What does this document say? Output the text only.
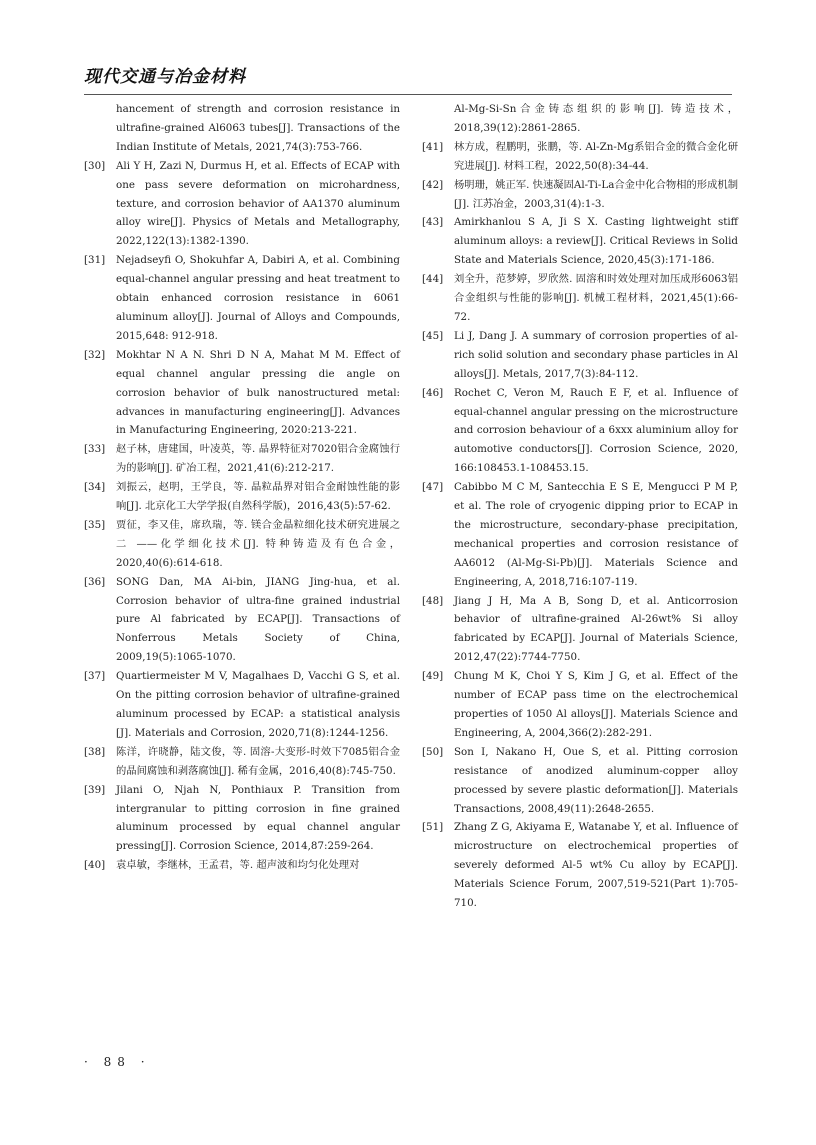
现代交通与冶金材料
hancement of strength and corrosion resistance in ultrafine-grained Al6063 tubes[J]. Transactions of the Indian Institute of Metals, 2021,74(3):753-766.
[30] Ali Y H, Zazi N, Durmus H, et al. Effects of ECAP with one pass severe deformation on microhardness, texture, and corrosion behavior of AA1370 aluminum alloy wire[J]. Physics of Metals and Metallography, 2022,122(13):1382-1390.
[31] Nejadseyfi O, Shokuhfar A, Dabiri A, et al. Combining equal-channel angular pressing and heat treatment to obtain enhanced corrosion resistance in 6061 aluminum alloy[J]. Journal of Alloys and Compounds, 2015,648: 912-918.
[32] Mokhtar N A N. Shri D N A, Mahat M M. Effect of equal channel angular pressing die angle on corrosion behavior of bulk nanostructured metal: advances in manufacturing engineering[J]. Advances in Manufacturing Engineering, 2020:213-221.
[33] 赵子林，唐建国，叶凌英，等. 晶界特征对7020铝合金腐蚀行为的影响[J]. 矿冶工程，2021,41(6):212-217.
[34] 刘振云，赵明，王学良，等. 晶粒晶界对铝合金耐蚀性能的影响[J]. 北京化工大学学报(自然科学版)，2016,43(5):57-62.
[35] 贾征，李又佳，席玖瑞，等. 镁合金晶粒细化技术研究进展之二 ——化学细化技术[J]. 特种铸造及有色合金，2020,40(6):614-618.
[36] SONG Dan, MA Ai-bin, JIANG Jing-hua, et al. Corrosion behavior of ultra-fine grained industrial pure Al fabricated by ECAP[J]. Transactions of Nonferrous Metals Society of China, 2009,19(5):1065-1070.
[37] Quartiermeister M V, Magalhaes D, Vacchi G S, et al. On the pitting corrosion behavior of ultrafine-grained aluminum processed by ECAP: a statistical analysis [J]. Materials and Corrosion, 2020,71(8):1244-1256.
[38] 陈洋，许晓静，陆文俊，等. 固溶-大变形-时效下7085铝合金的晶间腐蚀和剥落腐蚀[J]. 稀有金属，2016,40(8):745-750.
[39] Jilani O, Njah N, Ponthiaux P. Transition from intergranular to pitting corrosion in fine grained aluminum processed by equal channel angular pressing[J]. Corrosion Science, 2014,87:259-264.
[40] 袁卓敏，李继林，王孟君，等. 超声波和均匀化处理对
Al-Mg-Si-Sn合金铸态组织的影响[J]. 铸造技术，2018,39(12):2861-2865.
[41] 林方成，程鹏明，张鹏，等. Al-Zn-Mg系铝合金的微合金化研究进展[J]. 材料工程，2022,50(8):34-44.
[42] 杨明珊，姚正军. 快速凝固Al-Ti-La合金中化合物相的形成机制[J]. 江苏冶金，2003,31(4):1-3.
[43] Amirkhanlou S A, Ji S X. Casting lightweight stiff aluminum alloys: a review[J]. Critical Reviews in Solid State and Materials Science, 2020,45(3):171-186.
[44] 刘全升，范梦婷，罗欣然. 固溶和时效处理对加压成形6063铝合金组织与性能的影响[J]. 机械工程材料，2021,45(1):66-72.
[45] Li J, Dang J. A summary of corrosion properties of al-rich solid solution and secondary phase particles in Al alloys[J]. Metals, 2017,7(3):84-112.
[46] Rochet C, Veron M, Rauch E F, et al. Influence of equal-channel angular pressing on the microstructure and corrosion behaviour of a 6xxx aluminium alloy for automotive conductors[J]. Corrosion Science, 2020, 166:108453.1-108453.15.
[47] Cabibbo M C M, Santecchia E S E, Mengucci P M P, et al. The role of cryogenic dipping prior to ECAP in the microstructure, secondary-phase precipitation, mechanical properties and corrosion resistance of AA6012 (Al-Mg-Si-Pb)[J]. Materials Science and Engineering, A, 2018,716:107-119.
[48] Jiang J H, Ma A B, Song D, et al. Anticorrosion behavior of ultrafine-grained Al-26wt% Si alloy fabricated by ECAP[J]. Journal of Materials Science, 2012,47(22):7744-7750.
[49] Chung M K, Choi Y S, Kim J G, et al. Effect of the number of ECAP pass time on the electrochemical properties of 1050 Al alloys[J]. Materials Science and Engineering, A, 2004,366(2):282-291.
[50] Son I, Nakano H, Oue S, et al. Pitting corrosion resistance of anodized aluminum-copper alloy processed by severe plastic deformation[J]. Materials Transactions, 2008,49(11):2648-2655.
[51] Zhang Z G, Akiyama E, Watanabe Y, et al. Influence of microstructure on electrochemical properties of severely deformed Al-5 wt% Cu alloy by ECAP[J]. Materials Science Forum, 2007,519-521(Part 1):705-710.
· 88 ·
